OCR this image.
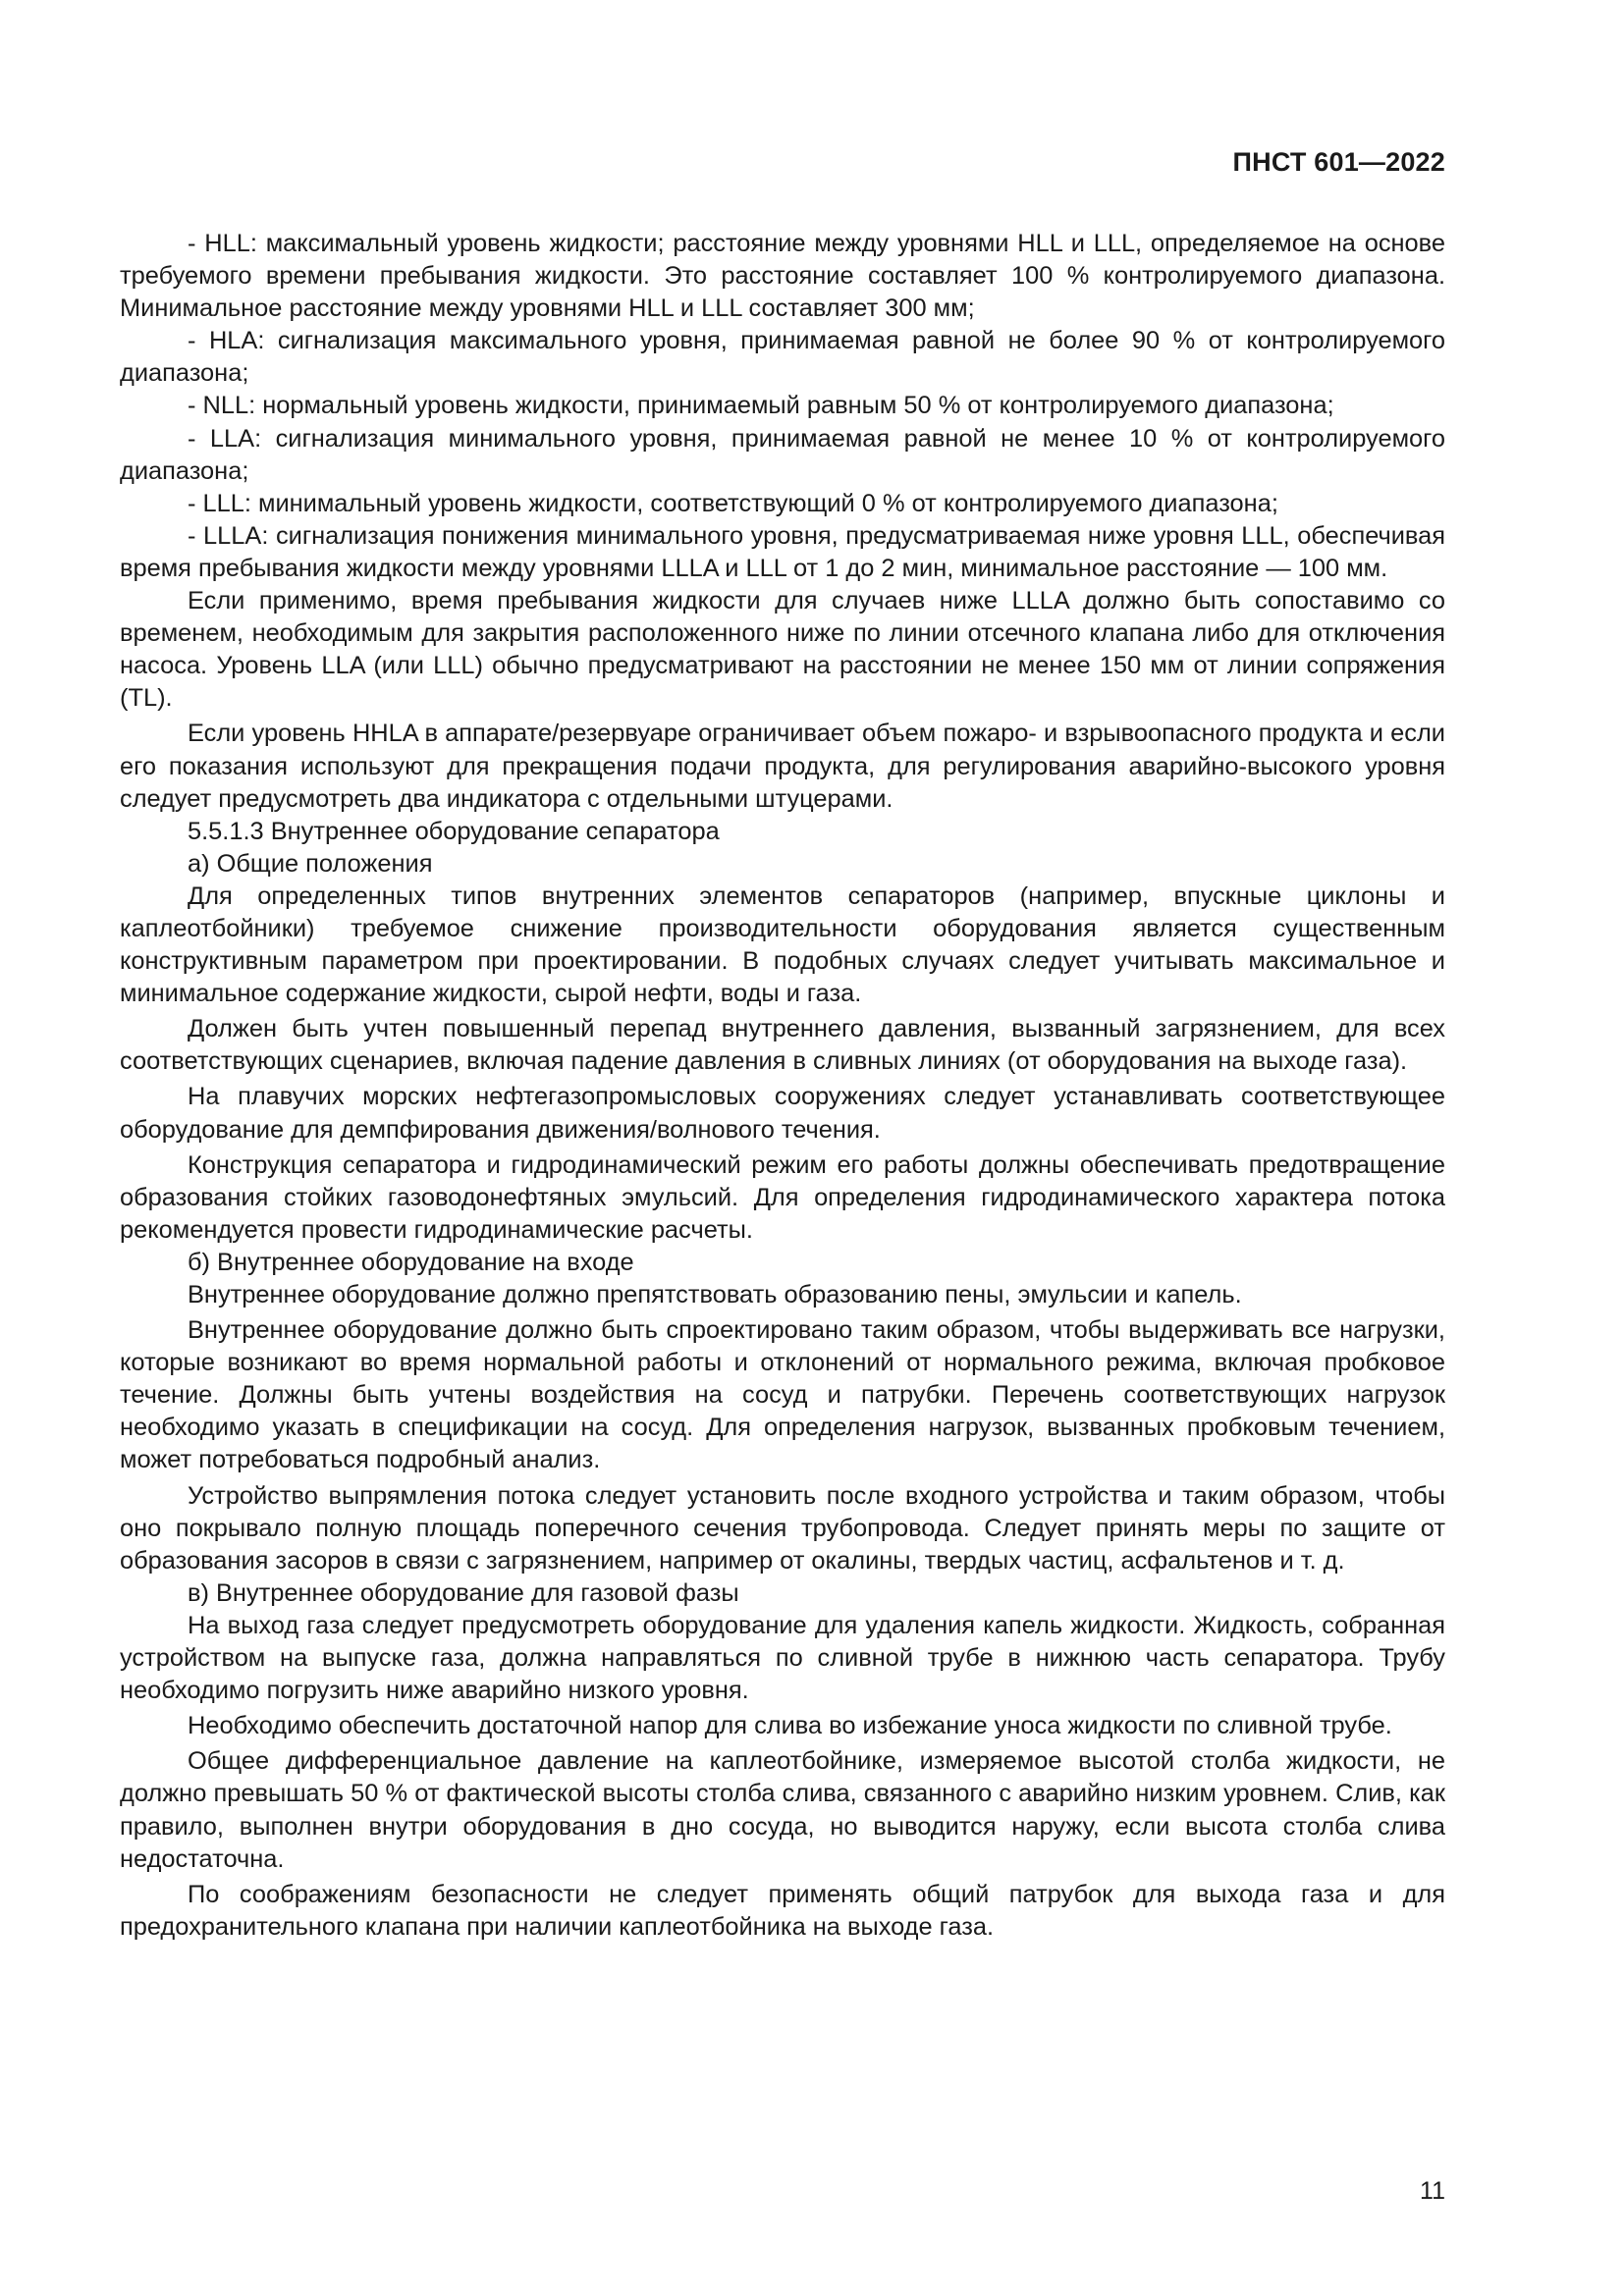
ПНСТ 601—2022

- HLL: максимальный уровень жидкости; расстояние между уровнями HLL и LLL, определяемое на основе требуемого времени пребывания жидкости. Это расстояние составляет 100 % контролируемого диапазона. Минимальное расстояние между уровнями HLL и LLL составляет 300 мм;

- HLA: сигнализация максимального уровня, принимаемая равной не более 90 % от контролируемого диапазона;

- NLL: нормальный уровень жидкости, принимаемый равным 50 % от контролируемого диапазона;

- LLA: сигнализация минимального уровня, принимаемая равной не менее 10 % от контролируемого диапазона;

- LLL: минимальный уровень жидкости, соответствующий 0 % от контролируемого диапазона;

- LLLA: сигнализация понижения минимального уровня, предусматриваемая ниже уровня LLL, обеспечивая время пребывания жидкости между уровнями LLLA и LLL от 1 до 2 мин, минимальное расстояние — 100 мм.

Если применимо, время пребывания жидкости для случаев ниже LLLA должно быть сопоставимо со временем, необходимым для закрытия расположенного ниже по линии отсечного клапана либо для отключения насоса. Уровень LLA (или LLL) обычно предусматривают на расстоянии не менее 150 мм от линии сопряжения (TL).

Если уровень HHLA в аппарате/резервуаре ограничивает объем пожаро- и взрывоопасного продукта и если его показания используют для прекращения подачи продукта, для регулирования аварийно-высокого уровня следует предусмотреть два индикатора с отдельными штуцерами.

5.5.1.3 Внутреннее оборудование сепаратора

а) Общие положения

Для определенных типов внутренних элементов сепараторов (например, впускные циклоны и каплеотбойники) требуемое снижение производительности оборудования является существенным конструктивным параметром при проектировании. В подобных случаях следует учитывать максимальное и минимальное содержание жидкости, сырой нефти, воды и газа.

Должен быть учтен повышенный перепад внутреннего давления, вызванный загрязнением, для всех соответствующих сценариев, включая падение давления в сливных линиях (от оборудования на выходе газа).

На плавучих морских нефтегазопромысловых сооружениях следует устанавливать соответствующее оборудование для демпфирования движения/волнового течения.

Конструкция сепаратора и гидродинамический режим его работы должны обеспечивать предотвращение образования стойких газоводонефтяных эмульсий. Для определения гидродинамического характера потока рекомендуется провести гидродинамические расчеты.

б) Внутреннее оборудование на входе

Внутреннее оборудование должно препятствовать образованию пены, эмульсии и капель.

Внутреннее оборудование должно быть спроектировано таким образом, чтобы выдерживать все нагрузки, которые возникают во время нормальной работы и отклонений от нормального режима, включая пробковое течение. Должны быть учтены воздействия на сосуд и патрубки. Перечень соответствующих нагрузок необходимо указать в спецификации на сосуд. Для определения нагрузок, вызванных пробковым течением, может потребоваться подробный анализ.

Устройство выпрямления потока следует установить после входного устройства и таким образом, чтобы оно покрывало полную площадь поперечного сечения трубопровода. Следует принять меры по защите от образования засоров в связи с загрязнением, например от окалины, твердых частиц, асфальтенов и т. д.

в) Внутреннее оборудование для газовой фазы

На выход газа следует предусмотреть оборудование для удаления капель жидкости. Жидкость, собранная устройством на выпуске газа, должна направляться по сливной трубе в нижнюю часть сепаратора. Трубу необходимо погрузить ниже аварийно низкого уровня.

Необходимо обеспечить достаточной напор для слива во избежание уноса жидкости по сливной трубе.

Общее дифференциальное давление на каплеотбойнике, измеряемое высотой столба жидкости, не должно превышать 50 % от фактической высоты столба слива, связанного с аварийно низким уровнем. Слив, как правило, выполнен внутри оборудования в дно сосуда, но выводится наружу, если высота столба слива недостаточна.

По соображениям безопасности не следует применять общий патрубок для выхода газа и для предохранительного клапана при наличии каплеотбойника на выходе газа.

11
